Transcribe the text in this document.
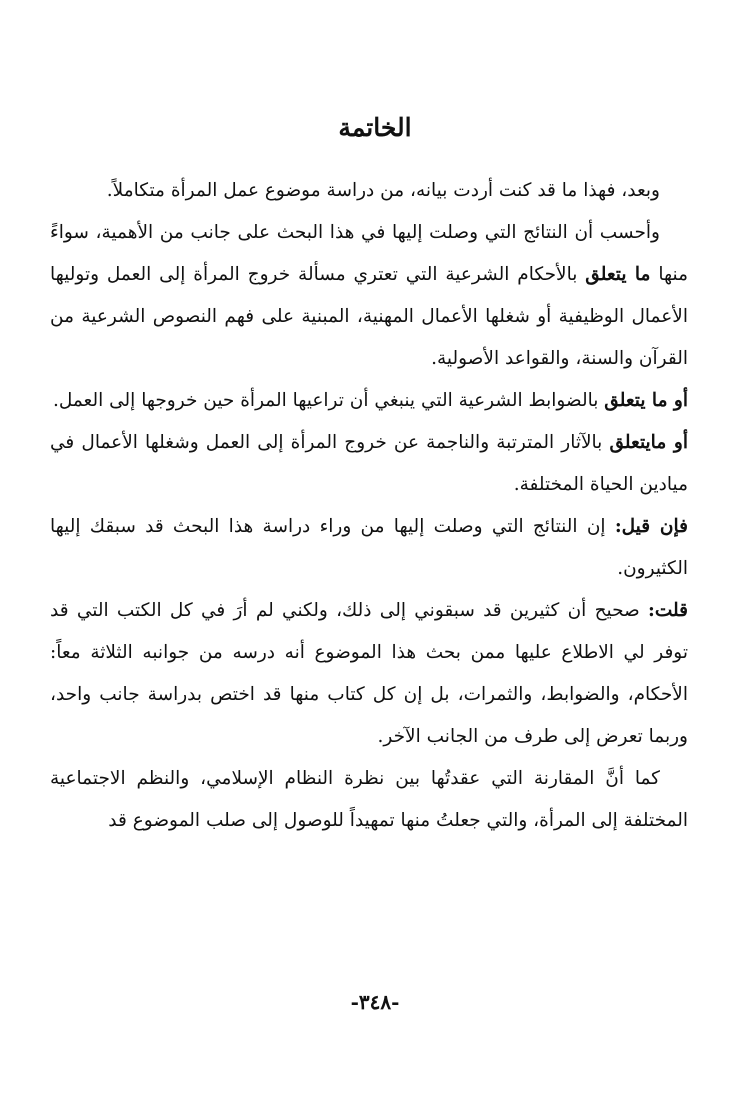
الخاتمة

وبعد، فهذا ما قد كنت أردت بيانه، من دراسة موضوع عمل المرأة متكاملاً.

وأحسب أن النتائج التي وصلت إليها في هذا البحث على جانب من الأهمية، سواءً منها ما يتعلق بالأحكام الشرعية التي تعتري مسألة خروج المرأة إلى العمل وتوليها الأعمال الوظيفية أو شغلها الأعمال المهنية، المبنية على فهم النصوص الشرعية من القرآن والسنة، والقواعد الأصولية.

أو ما يتعلق بالضوابط الشرعية التي ينبغي أن تراعيها المرأة حين خروجها إلى العمل.

أو مايتعلق بالآثار المترتبة والناجمة عن خروج المرأة إلى العمل وشغلها الأعمال في ميادين الحياة المختلفة.

فإن قيل: إن النتائج التي وصلت إليها من وراء دراسة هذا البحث قد سبقك إليها الكثيرون.

قلت: صحيح أن كثيرين قد سبقوني إلى ذلك، ولكني لم أرَ في كل الكتب التي قد توفر لي الاطلاع عليها ممن بحث هذا الموضوع أنه درسه من جوانبه الثلاثة معاً: الأحكام، والضوابط، والثمرات، بل إن كل كتاب منها قد اختص بدراسة جانب واحد، وربما تعرض إلى طرف من الجانب الآخر.

كما أنَّ المقارنة التي عقدتُها بين نظرة النظام الإسلامي، والنظم الاجتماعية المختلفة إلى المرأة، والتي جعلتُ منها تمهيداً للوصول إلى صلب الموضوع قد

-٣٤٨-
